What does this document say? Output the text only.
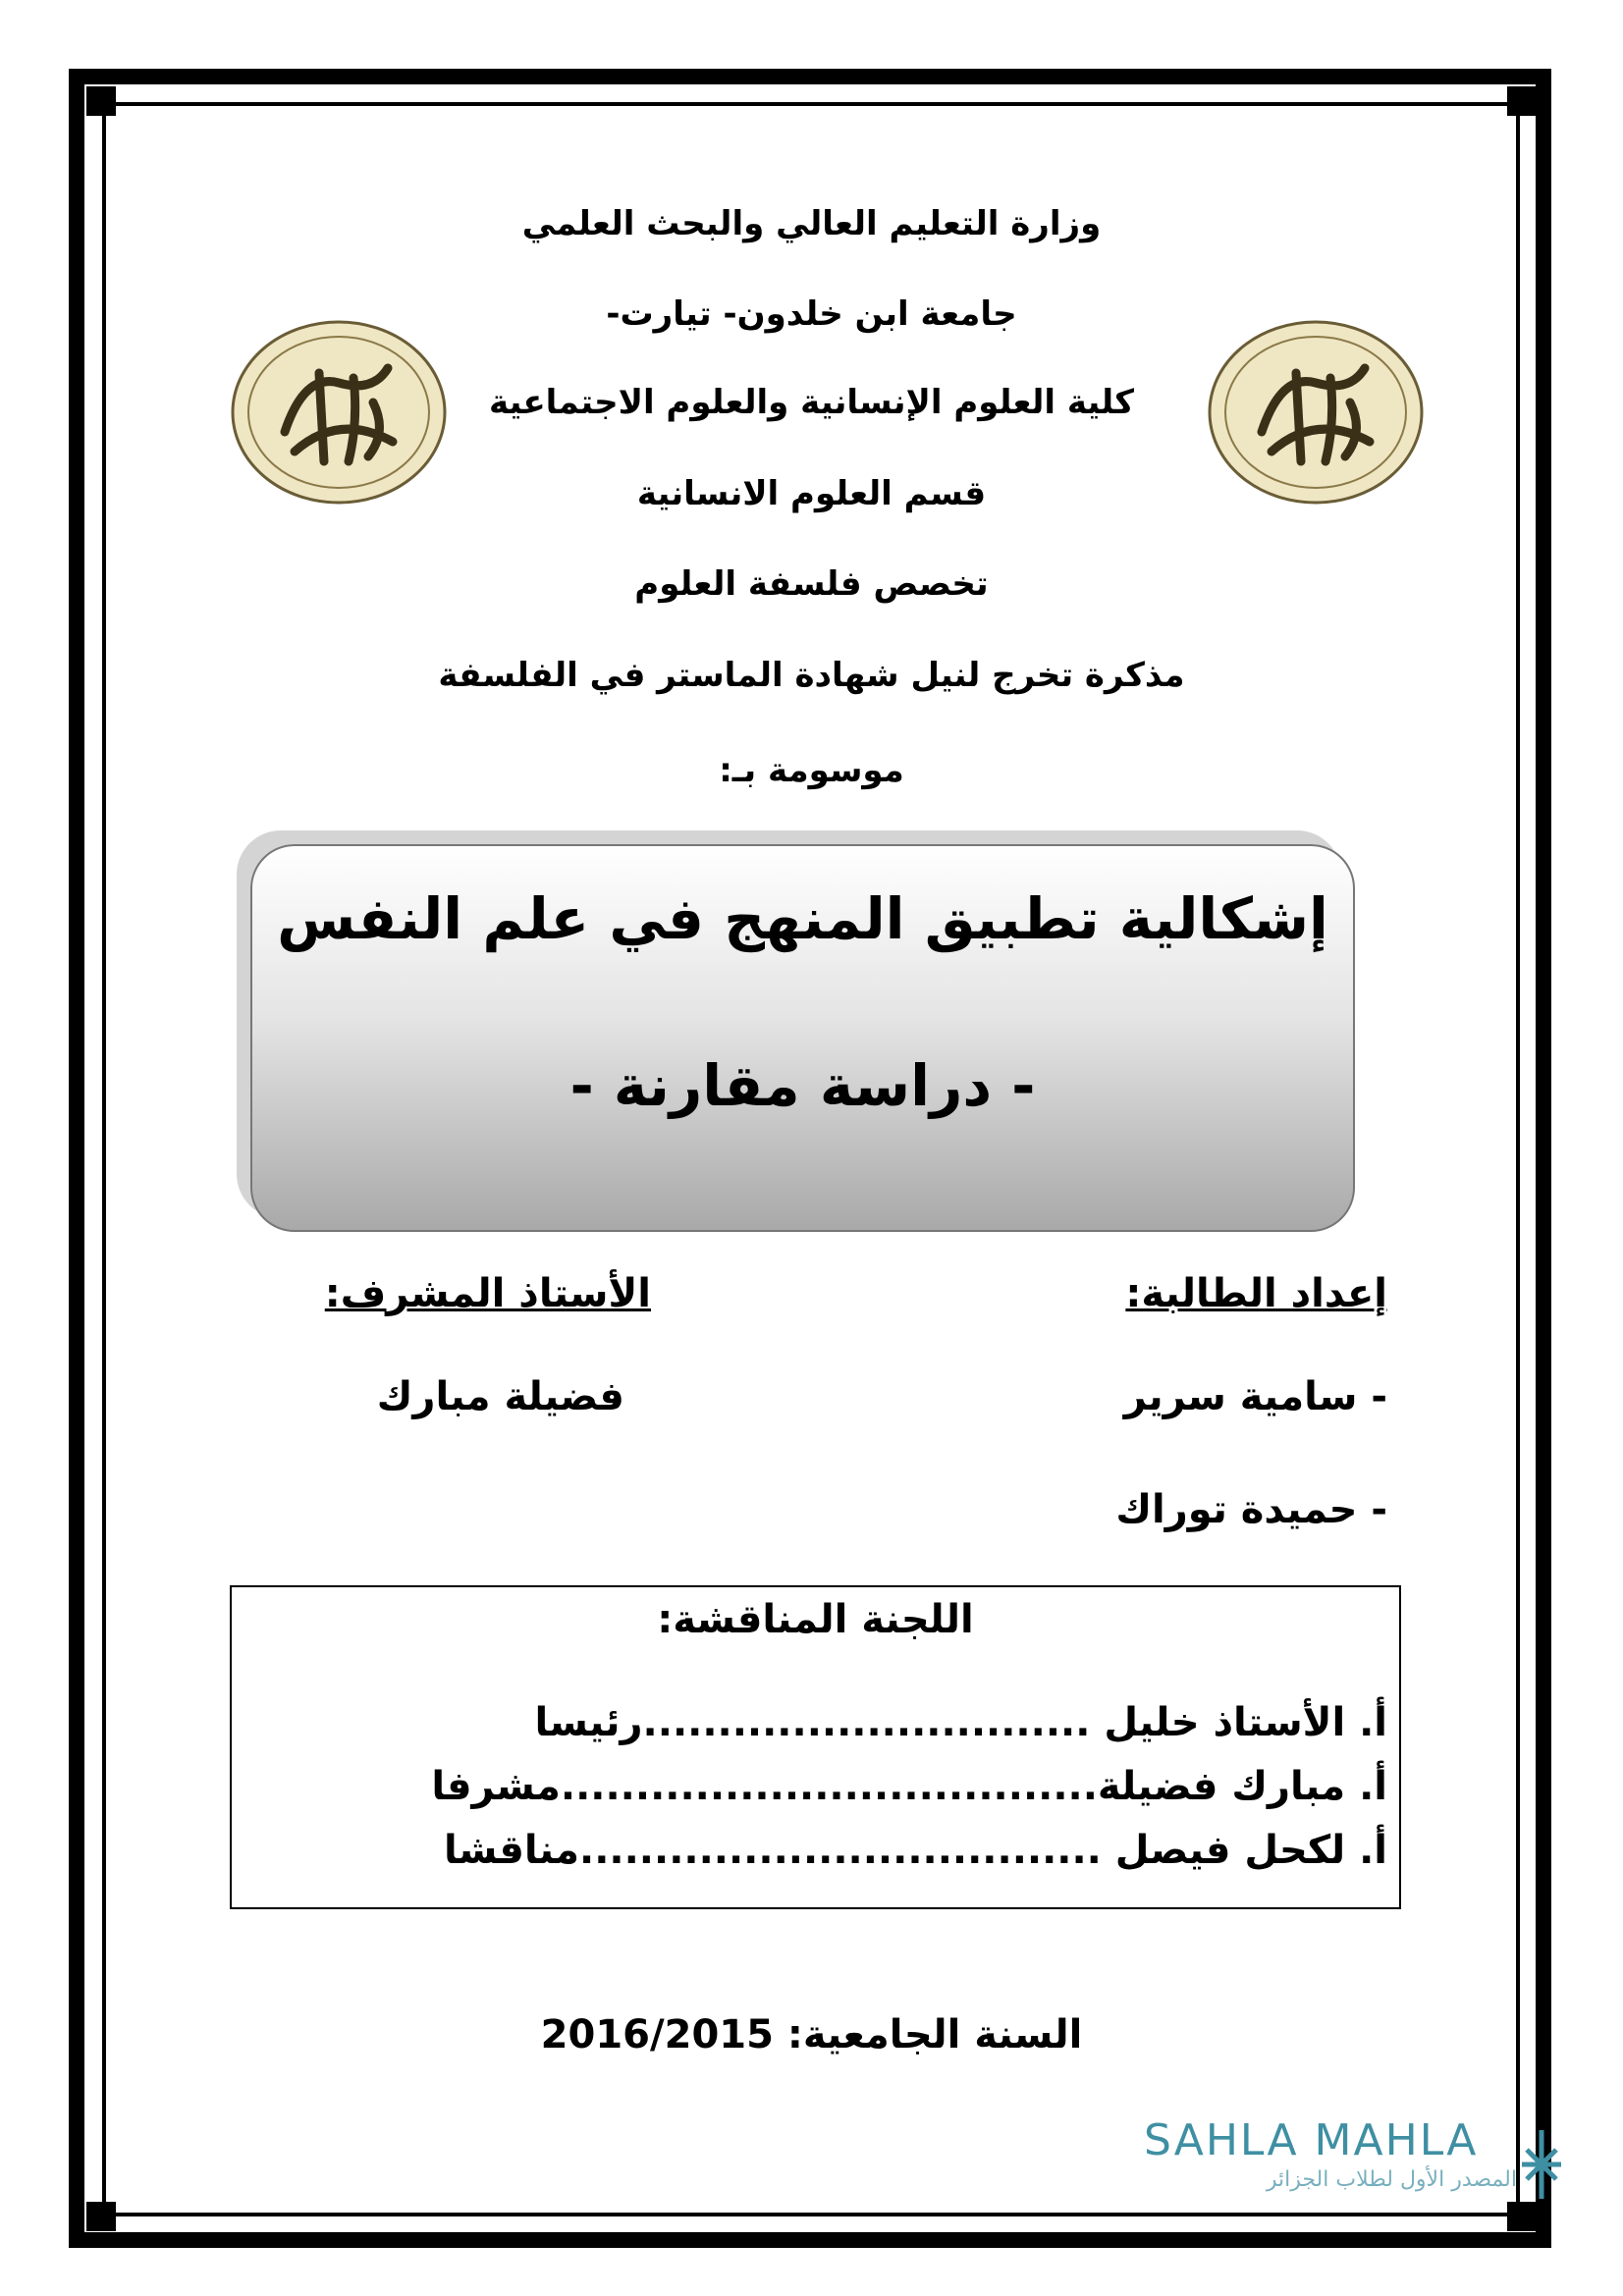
وزارة التعليم العالي والبحث العلمي
جامعة ابن خلدون- تيارت-
كلية العلوم الإنسانية والعلوم الاجتماعية
قسم العلوم الانسانية
تخصص فلسفة العلوم
مذكرة تخرج لنيل شهادة الماستر في الفلسفة
موسومة بـ:
إشكالية تطبيق المنهج في علم النفس
- دراسة مقارنة -
إعداد الطالبة:
- سامية سرير
- حميدة توراك
الأستاذ المشرف:
فضيلة مبارك
اللجنة المناقشة:
أ. الأستاذ خليل ..............................رئيسا
أ. مبارك فضيلة....................................مشرفا
أ. لكحل فيصل ...................................مناقشا
2016/2015 السنة الجامعية:
SAHLA MAHLA
المصدر الأول لطلاب الجزائر
